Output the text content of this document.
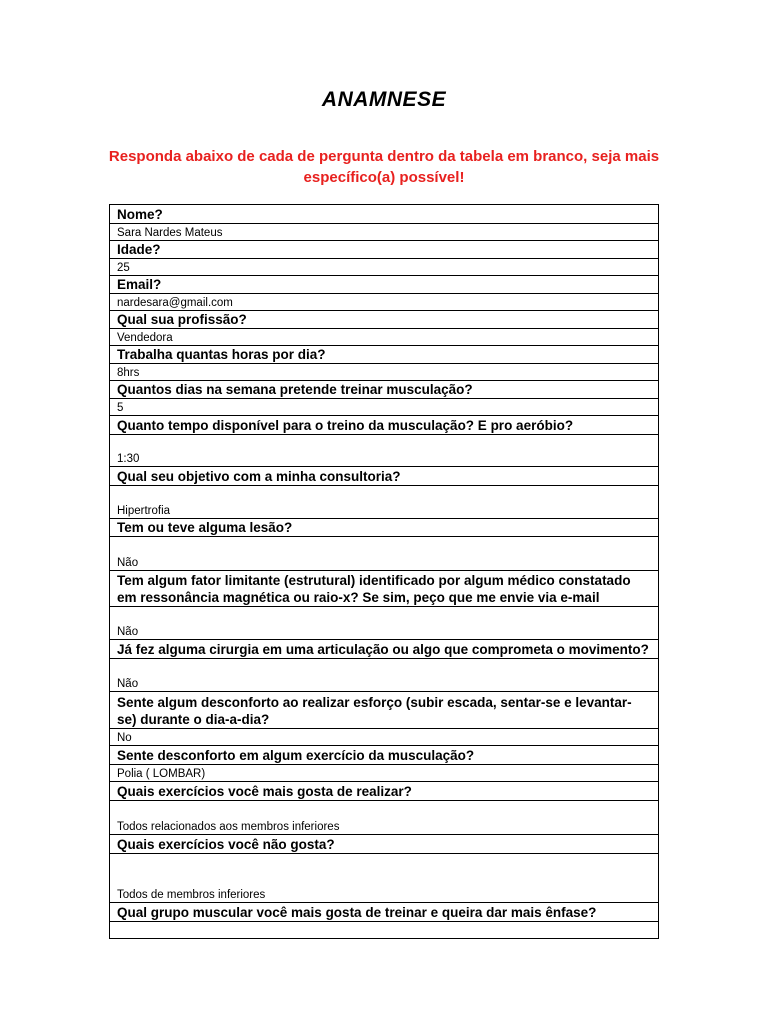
ANAMNESE
Responda abaixo de cada de pergunta dentro da tabela em branco, seja mais específico(a) possível!
Nome?
Sara Nardes Mateus
Idade?
25
Email?
nardesara@gmail.com
Qual sua profissão?
Vendedora
Trabalha quantas horas por dia?
8hrs
Quantos dias na semana pretende treinar musculação?
5
Quanto tempo disponível para o treino da musculação? E pro aeróbio?
1:30
Qual seu objetivo com a minha consultoria?
Hipertrofia
Tem ou teve alguma lesão?
Não
Tem algum fator limitante (estrutural) identificado por algum médico constatado em ressonância magnética ou raio-x? Se sim, peço que me envie via e-mail
Não
Já fez alguma cirurgia em uma articulação ou algo que comprometa o movimento?
Não
Sente algum desconforto ao realizar esforço (subir escada, sentar-se e levantar-se) durante o dia-a-dia?
No
Sente desconforto em algum exercício da musculação?
Polia ( LOMBAR)
Quais exercícios você mais gosta de realizar?
Todos relacionados aos membros inferiores
Quais exercícios você não gosta?
Todos de membros inferiores
Qual grupo muscular você mais gosta de treinar e queira dar mais ênfase?
